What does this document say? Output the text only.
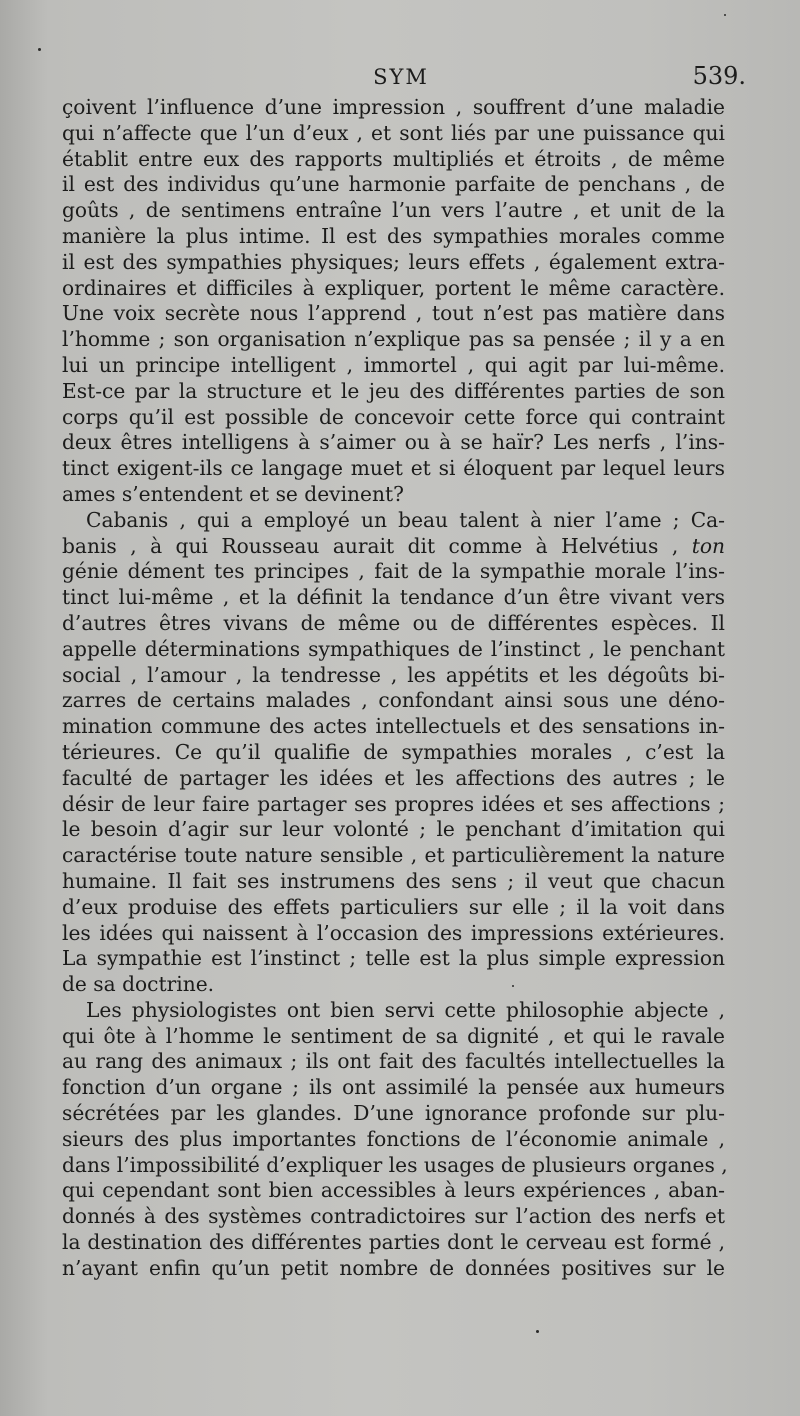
SYM	539.
çoivent l’influence d’une impression , souffrent d’une maladie
qui n’affecte que l’un d’eux , et sont liés par une puissance qui
établit entre eux des rapports multipliés et étroits , de même
il est des individus qu’une harmonie parfaite de penchans , de
goûts , de sentimens entraîne l’un vers l’autre , et unit de la
manière la plus intime. Il est des sympathies morales comme
il est des sympathies physiques; leurs effets , également extra-
ordinaires et difficiles à expliquer, portent le même caractère.
Une voix secrète nous l’apprend , tout n’est pas matière dans
l’homme ; son organisation n’explique pas sa pensée ; il y a en
lui un principe intelligent , immortel , qui agit par lui-même.
Est-ce par la structure et le jeu des différentes parties de son
corps qu’il est possible de concevoir cette force qui contraint
deux êtres intelligens à s’aimer ou à se haïr? Les nerfs , l’ins-
tinct exigent-ils ce langage muet et si éloquent par lequel leurs
ames s’entendent et se devinent?
Cabanis , qui a employé un beau talent à nier l’ame ; Ca-
banis , à qui Rousseau aurait dit comme à Helvétius , ton
génie dément tes principes , fait de la sympathie morale l’ins-
tinct lui-même , et la définit la tendance d’un être vivant vers
d’autres êtres vivans de même ou de différentes espèces. Il
appelle déterminations sympathiques de l’instinct , le penchant
social , l’amour , la tendresse , les appétits et les dégoûts bi-
zarres de certains malades , confondant ainsi sous une déno-
mination commune des actes intellectuels et des sensations in-
térieures. Ce qu’il qualifie de sympathies morales , c’est la
faculté de partager les idées et les affections des autres ; le
désir de leur faire partager ses propres idées et ses affections ;
le besoin d’agir sur leur volonté ; le penchant d’imitation qui
caractérise toute nature sensible , et particulièrement la nature
humaine. Il fait ses instrumens des sens ; il veut que chacun
d’eux produise des effets particuliers sur elle ; il la voit dans
les idées qui naissent à l’occasion des impressions extérieures.
La sympathie est l’instinct ; telle est la plus simple expression
de sa doctrine.
Les physiologistes ont bien servi cette philosophie abjecte ,
qui ôte à l’homme le sentiment de sa dignité , et qui le ravale
au rang des animaux ; ils ont fait des facultés intellectuelles la
fonction d’un organe ; ils ont assimilé la pensée aux humeurs
sécrétées par les glandes. D’une ignorance profonde sur plu-
sieurs des plus importantes fonctions de l’économie animale ,
dans l’impossibilité d’expliquer les usages de plusieurs organes ,
qui cependant sont bien accessibles à leurs expériences , aban-
donnés à des systèmes contradictoires sur l’action des nerfs et
la destination des différentes parties dont le cerveau est formé ,
n’ayant enfin qu’un petit nombre de données positives sur le
